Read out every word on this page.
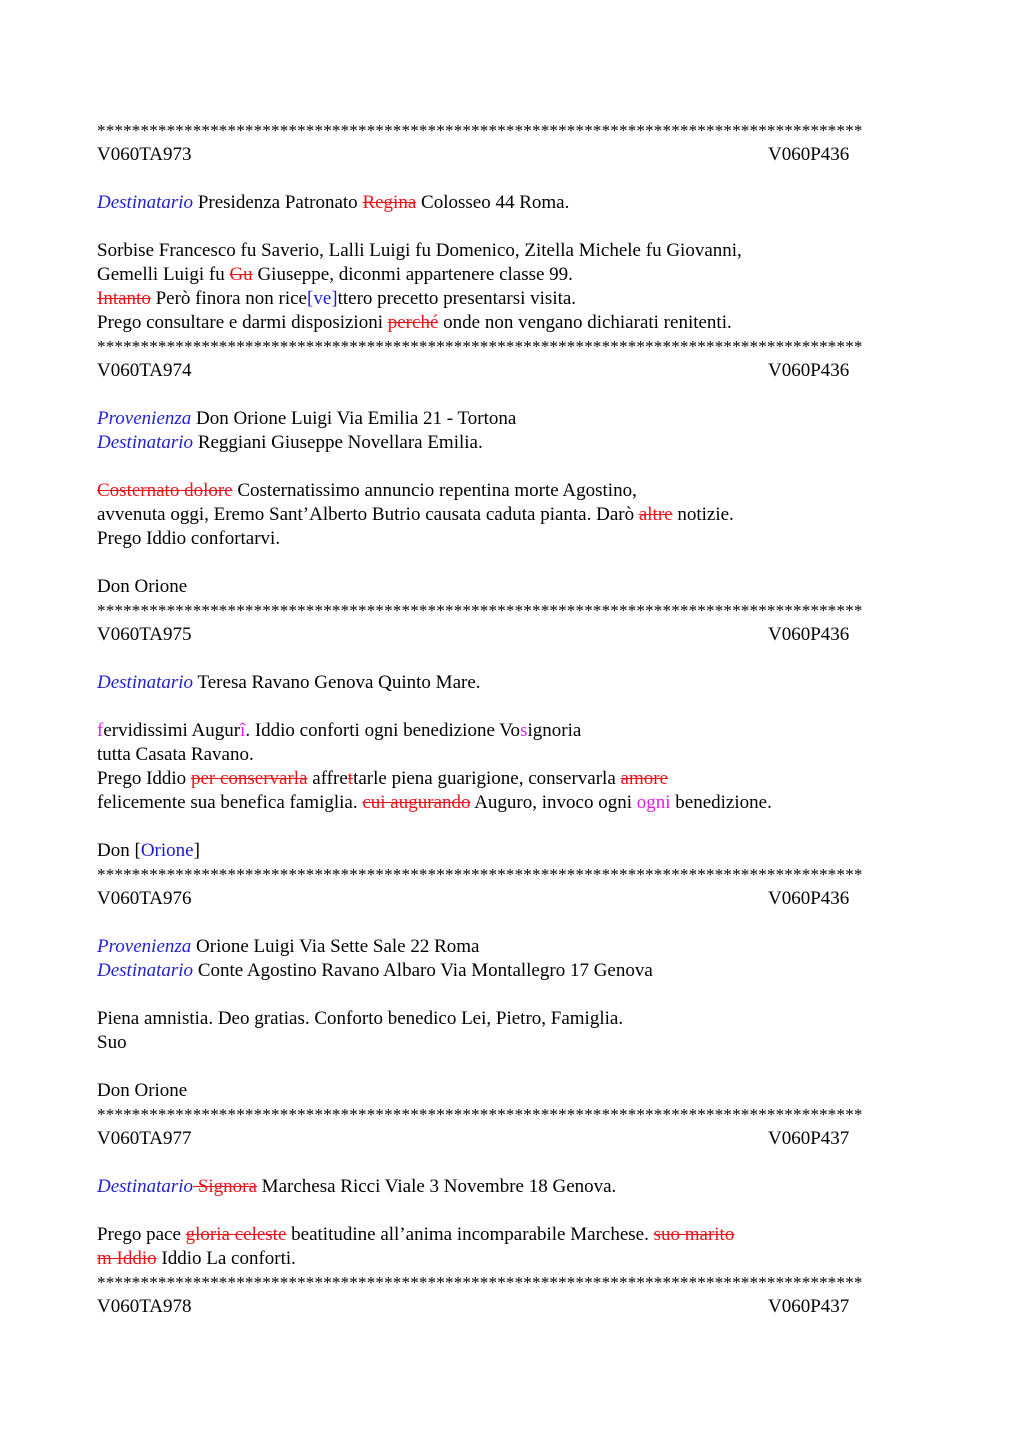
****************************************************************************************
V060TA973	V060P436
Destinatario Presidenza Patronato Regina Colosseo 44 Roma.
Sorbise Francesco fu Saverio, Lalli Luigi fu Domenico, Zitella Michele fu Giovanni,
Gemelli Luigi fu Gu Giuseppe, diconmi appartenere classe 99.
Intanto Però finora non rice[ve]ttero precetto presentarsi visita.
Prego consultare e darmi disposizioni perché onde non vengano dichiarati renitenti.
****************************************************************************************
V060TA974	V060P436
Provenienza Don Orione Luigi Via Emilia 21 - Tortona
Destinatario Reggiani Giuseppe Novellara Emilia.
Costernato dolore Costernatissimo annuncio repentina morte Agostino,
avvenuta oggi, Eremo Sant’Alberto Butrio causata caduta pianta. Darò altre notizie.
Prego Iddio confortarvi.
Don Orione
****************************************************************************************
V060TA975	V060P436
Destinatario Teresa Ravano Genova Quinto Mare.
fervidissimi Augurî. Iddio conforti ogni benedizione Vosignoria
tutta Casata Ravano.
Prego Iddio per conservarla affrettarle piena guarigione, conservarla amore
felicemente sua benefica famiglia. cui augurando Auguro, invoco ogni ogni benedizione.
Don [Orione]
****************************************************************************************
V060TA976	V060P436
Provenienza Orione Luigi Via Sette Sale 22 Roma
Destinatario Conte Agostino Ravano Albaro Via Montallegro 17 Genova
Piena amnistia. Deo gratias. Conforto benedico Lei, Pietro, Famiglia.
Suo
Don Orione
****************************************************************************************
V060TA977	V060P437
Destinatario Signora Marchesa Ricci Viale 3 Novembre 18 Genova.
Prego pace gloria celeste beatitudine all’anima incomparabile Marchese. suo marito
m Iddio Iddio La conforti.
****************************************************************************************
V060TA978	V060P437
